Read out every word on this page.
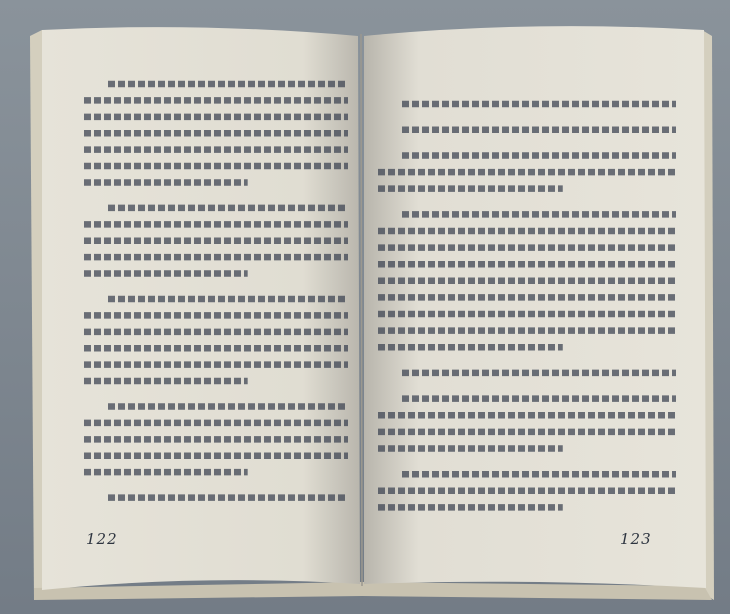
122	123
